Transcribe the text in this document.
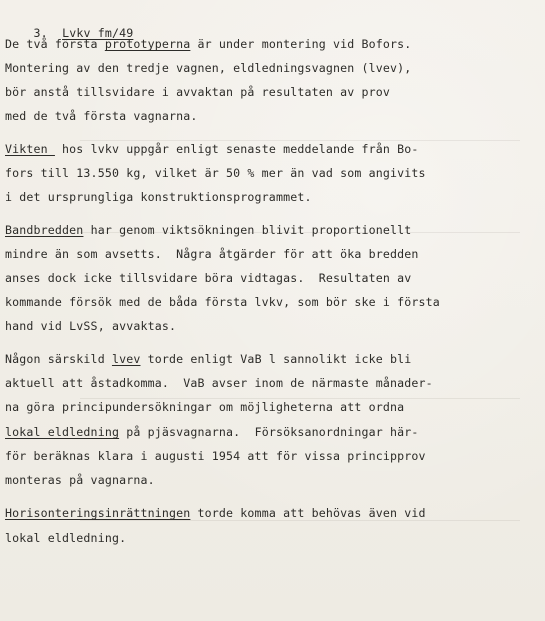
3. Lvkv fm/49

De två första prototyperna är under montering vid Bofors.
Montering av den tredje vagnen, eldledningsvagnen (lvev),
bör anstå tillsvidare i avvaktan på resultaten av prov
med de två första vagnarna.
Vikten_ hos lvkv uppgår enligt senaste meddelande från Bo-
fors till 13.550 kg, vilket är 50 % mer än vad som angivits
i det ursprungliga konstruktionsprogrammet.
Bandbredden har genom viktsökningen blivit proportionellt
mindre än som avsetts.  Några åtgärder för att öka bredden
anses dock icke tillsvidare böra vidtagas.  Resultaten av
kommande försök med de båda första lvkv, som bör ske i första
hand vid LvSS, avvaktas.
Någon särskild lvev torde enligt VaB l sannolikt icke bli
aktuell att åstadkomma.  VaB avser inom de närmaste månader-
na göra principundersökningar om möjligheterna att ordna
lokal eldledning på pjäsvagnarna.  Försöksanordningar här-
för beräknas klara i augusti 1954 att för vissa principprov
monteras på vagnarna.
Horisonteringsinrättningen torde komma att behövas även vid
lokal eldledning.
